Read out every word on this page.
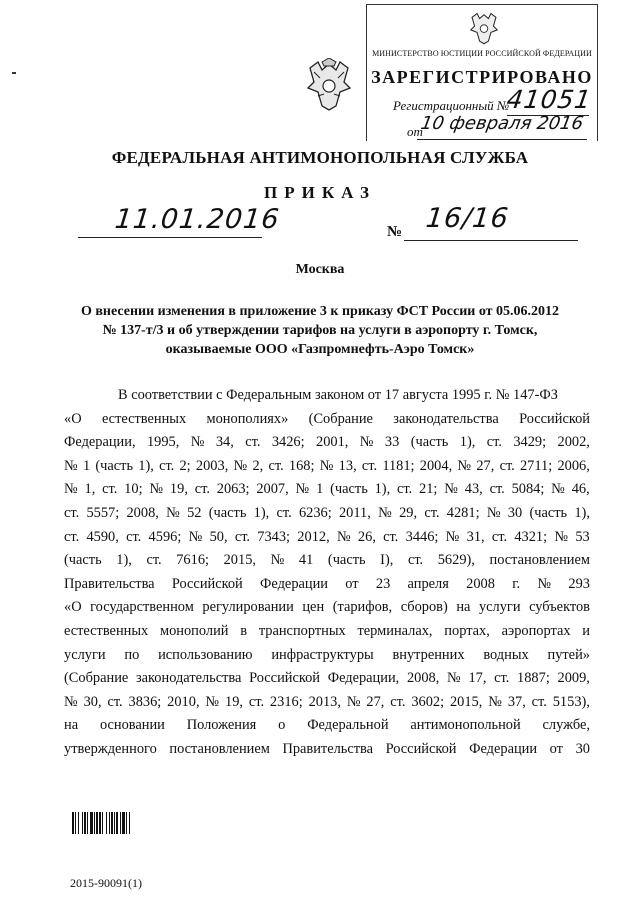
МИНИСТЕРСТВО ЮСТИЦИИ РОССИЙСКОЙ ФЕДЕРАЦИИ
ЗАРЕГИСТРИРОВАНО
Регистрационный №
41051
от
10 февраля 2016
ФЕДЕРАЛЬНАЯ АНТИМОНОПОЛЬНАЯ СЛУЖБА
ПРИКАЗ
11.01.2016	№ 16/16
Москва
О внесении изменения в приложение 3 к приказу ФСТ России от 05.06.2012
№ 137-т/3 и об утверждении тарифов на услуги в аэропорту г. Томск,
оказываемые ООО «Газпромнефть-Аэро Томск»
В соответствии с Федеральным законом от 17 августа 1995 г. № 147-ФЗ
«О естественных монополиях» (Собрание законодательства Российской
Федерации, 1995, № 34, ст. 3426; 2001, № 33 (часть 1), ст. 3429; 2002,
№ 1 (часть 1), ст. 2; 2003, № 2, ст. 168; № 13, ст. 1181; 2004, № 27, ст. 2711; 2006,
№ 1, ст. 10; № 19, ст. 2063; 2007, № 1 (часть 1), ст. 21; № 43, ст. 5084; № 46,
ст. 5557; 2008, № 52 (часть 1), ст. 6236; 2011, № 29, ст. 4281; № 30 (часть 1),
ст. 4590, ст. 4596; № 50, ст. 7343; 2012, № 26, ст. 3446; № 31, ст. 4321; № 53
(часть 1), ст. 7616; 2015, № 41 (часть I), ст. 5629), постановлением
Правительства Российской Федерации от 23 апреля 2008 г. № 293
«О государственном регулировании цен (тарифов, сборов) на услуги субъектов
естественных монополий в транспортных терминалах, портах, аэропортах и
услуги по использованию инфраструктуры внутренних водных путей»
(Собрание законодательства Российской Федерации, 2008, № 17, ст. 1887; 2009,
№ 30, ст. 3836; 2010, № 19, ст. 2316; 2013, № 27, ст. 3602; 2015, № 37, ст. 5153),
на основании Положения о Федеральной антимонопольной службе,
утвержденного постановлением Правительства Российской Федерации от 30
2015-90091(1)
